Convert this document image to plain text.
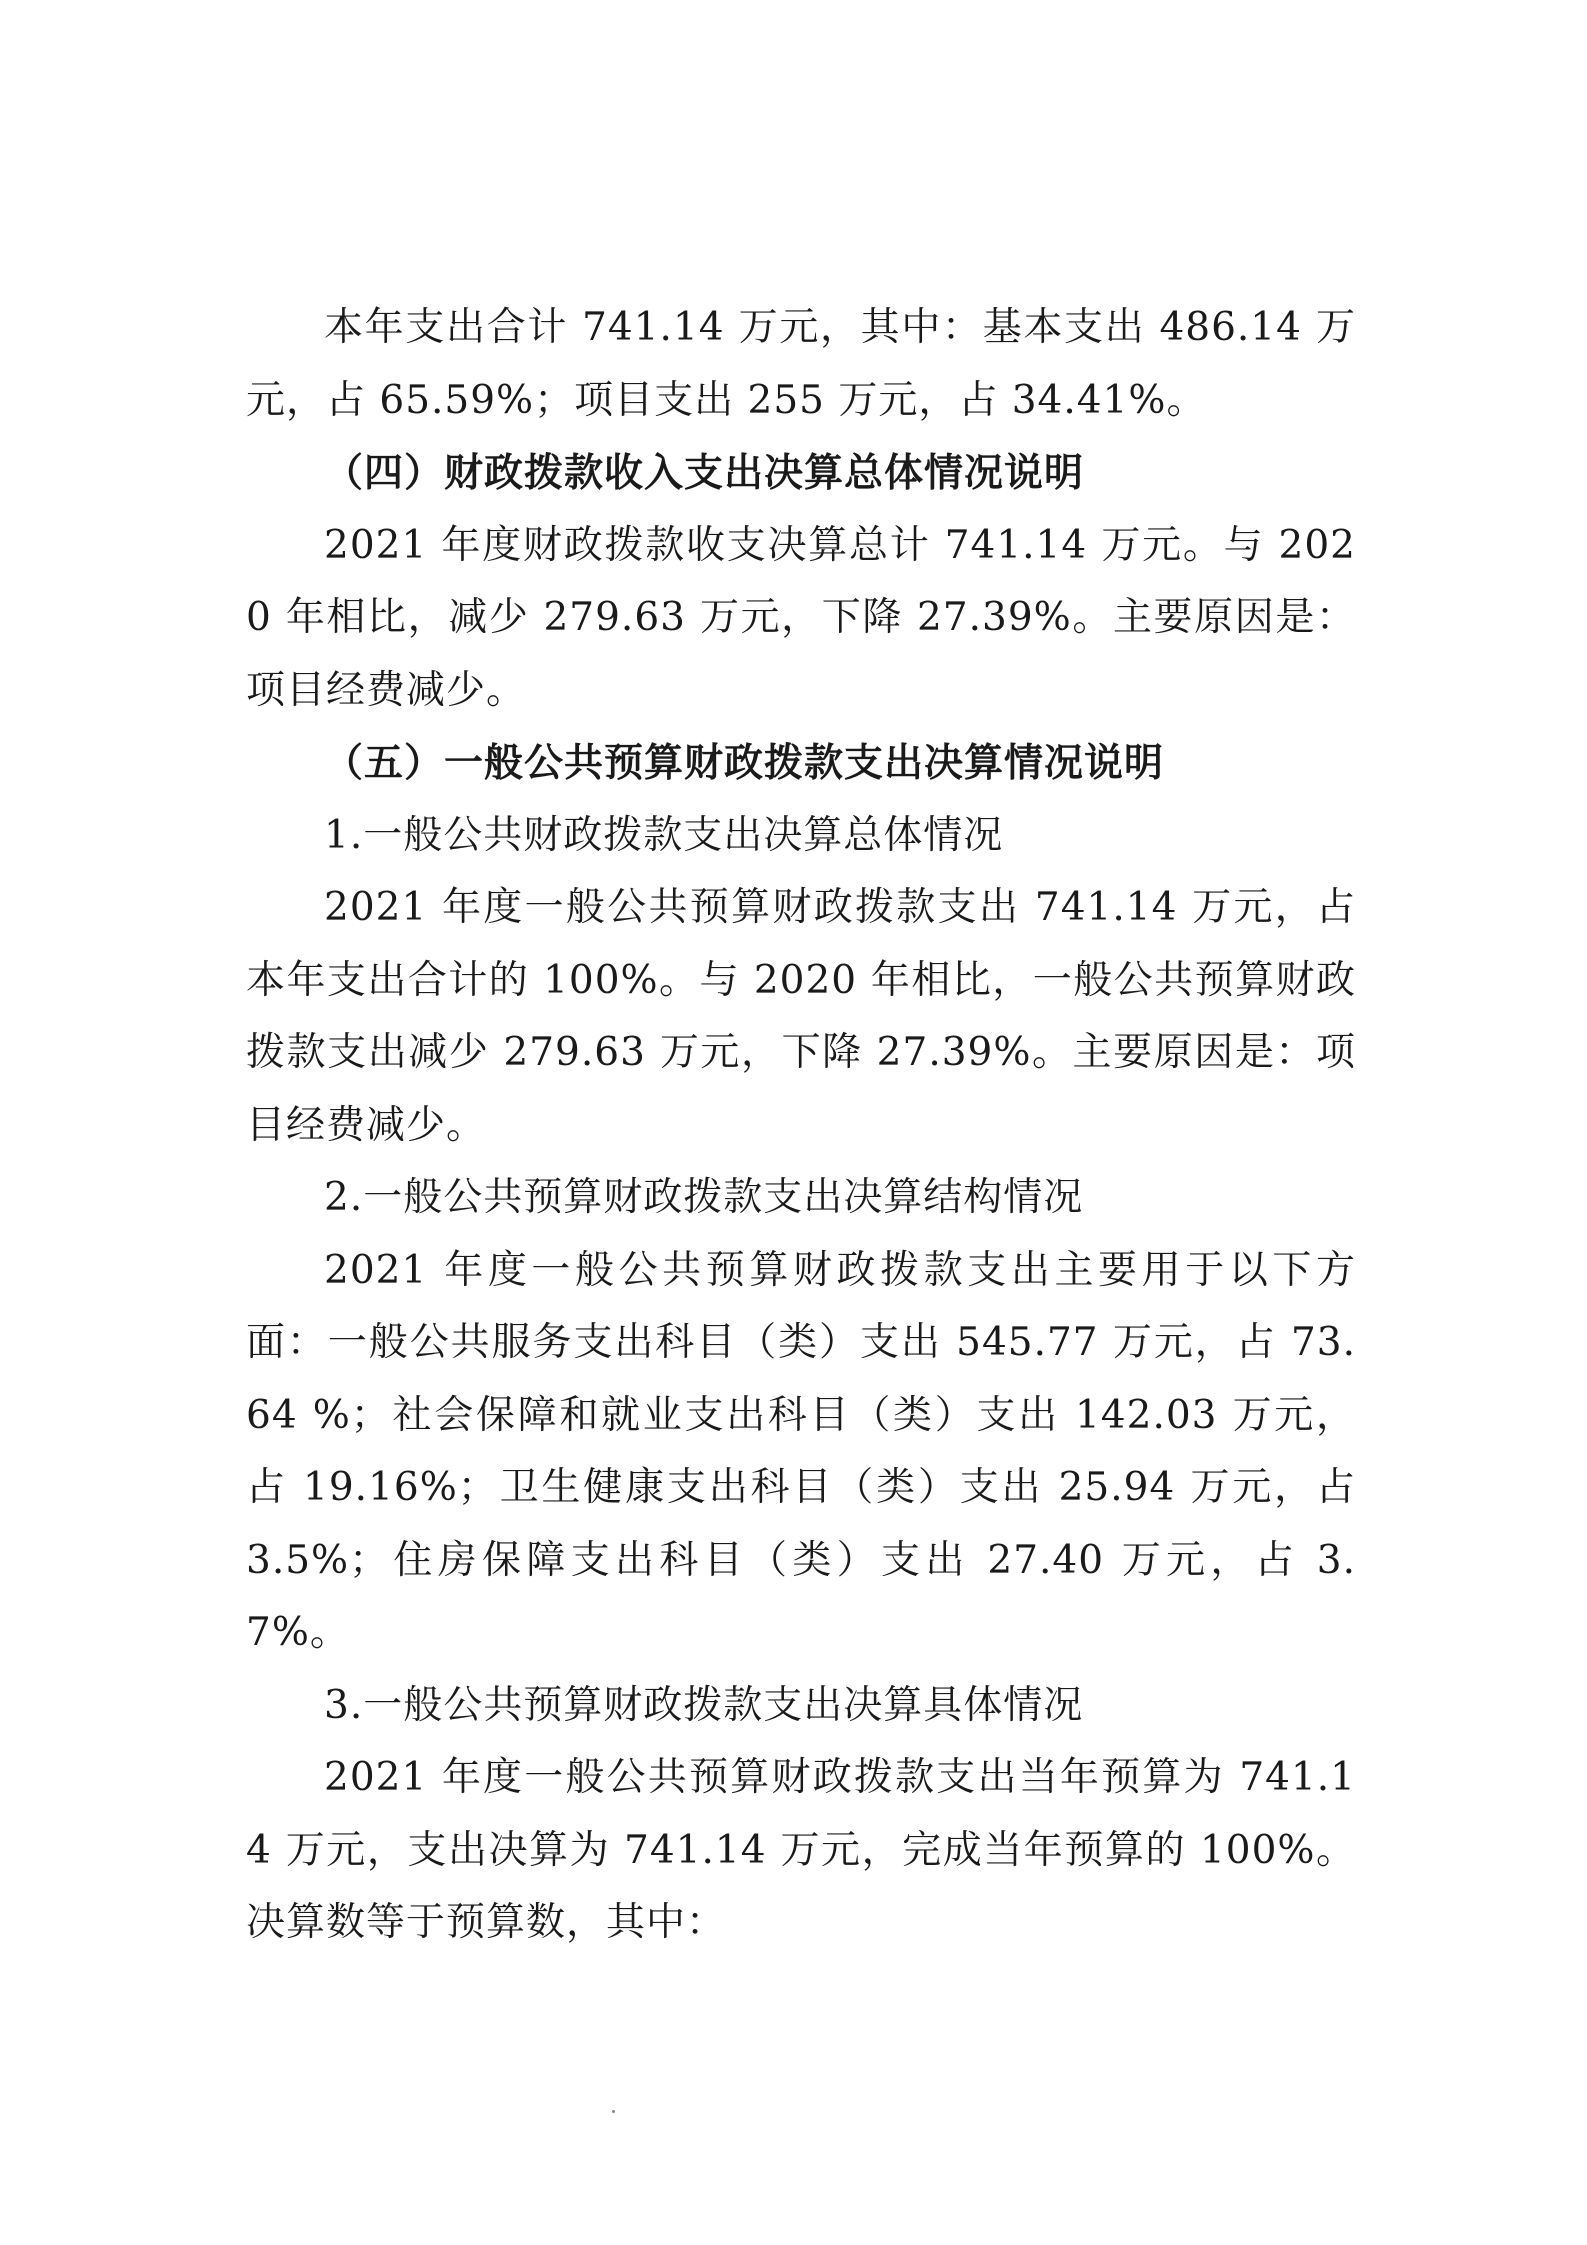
本年支出合计 741.14 万元，其中：基本支出 486.14 万元，占 65.59%；项目支出 255 万元，占 34.41%。

（四）财政拨款收入支出决算总体情况说明

2021 年度财政拨款收支决算总计 741.14 万元。与 2020 年相比，减少 279.63 万元，下降 27.39%。主要原因是：项目经费减少。

（五）一般公共预算财政拨款支出决算情况说明

1.一般公共财政拨款支出决算总体情况

2021 年度一般公共预算财政拨款支出 741.14 万元，占本年支出合计的 100%。与 2020 年相比，一般公共预算财政拨款支出减少 279.63 万元，下降 27.39%。主要原因是：项目经费减少。

2.一般公共预算财政拨款支出决算结构情况

2021 年度一般公共预算财政拨款支出主要用于以下方面：一般公共服务支出科目（类）支出 545.77 万元，占 73.64 %；社会保障和就业支出科目（类）支出 142.03 万元，占 19.16%；卫生健康支出科目（类）支出 25.94 万元，占 3.5%；住房保障支出科目（类）支出 27.40 万元，占 3.7%。

3.一般公共预算财政拨款支出决算具体情况

2021 年度一般公共预算财政拨款支出当年预算为 741.14 万元，支出决算为 741.14 万元，完成当年预算的 100%。决算数等于预算数，其中：
